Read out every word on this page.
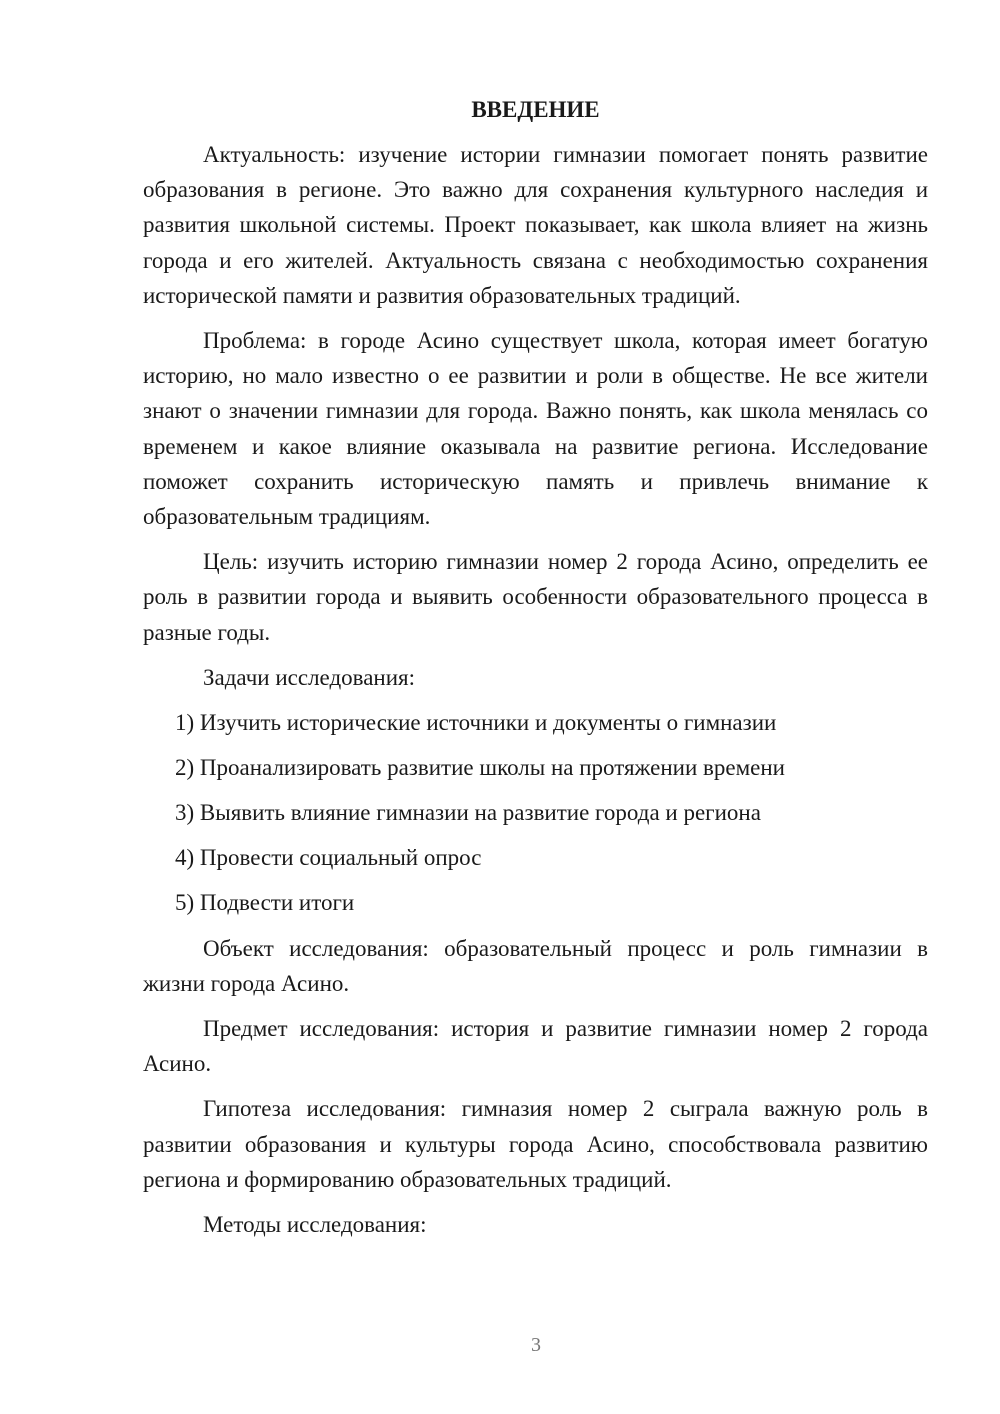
ВВЕДЕНИЕ

Актуальность: изучение истории гимназии помогает понять развитие образования в регионе. Это важно для сохранения культурного наследия и развития школьной системы. Проект показывает, как школа влияет на жизнь города и его жителей. Актуальность связана с необходимостью сохранения исторической памяти и развития образовательных традиций.

Проблема: в городе Асино существует школа, которая имеет богатую историю, но мало известно о ее развитии и роли в обществе. Не все жители знают о значении гимназии для города. Важно понять, как школа менялась со временем и какое влияние оказывала на развитие региона. Исследование поможет сохранить историческую память и привлечь внимание к образовательным традициям.

Цель: изучить историю гимназии номер 2 города Асино, определить ее роль в развитии города и выявить особенности образовательного процесса в разные годы.

Задачи исследования:

1) Изучить исторические источники и документы о гимназии
2) Проанализировать развитие школы на протяжении времени
3) Выявить влияние гимназии на развитие города и региона
4) Провести социальный опрос
5) Подвести итоги

Объект исследования: образовательный процесс и роль гимназии в жизни города Асино.

Предмет исследования: история и развитие гимназии номер 2 города Асино.

Гипотеза исследования: гимназия номер 2 сыграла важную роль в развитии образования и культуры города Асино, способствовала развитию региона и формированию образовательных традиций.

Методы исследования:

3
